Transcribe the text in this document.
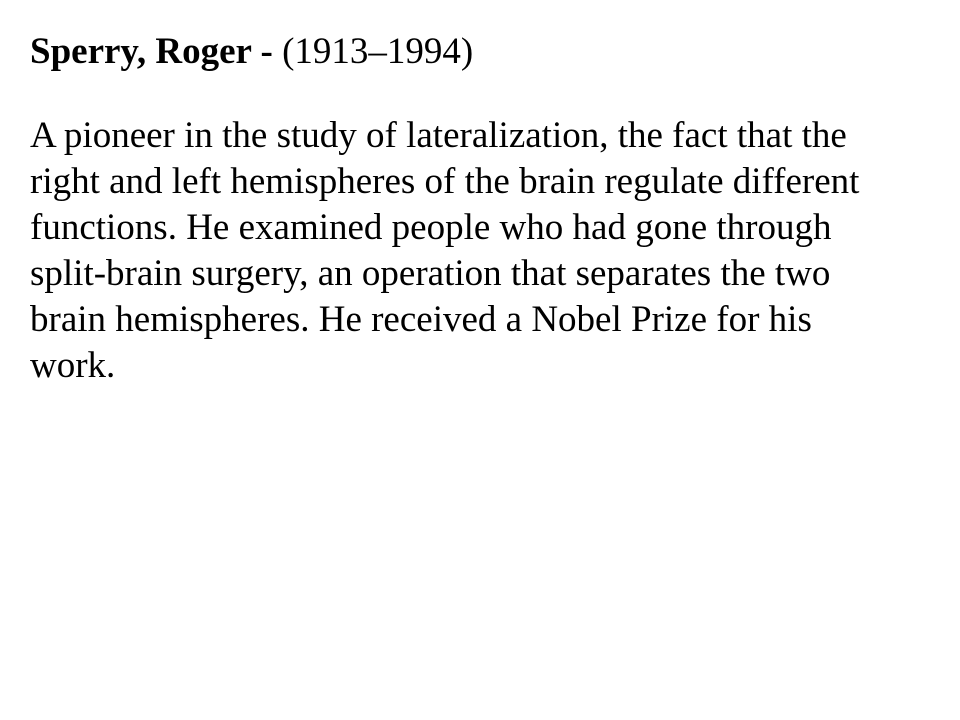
Sperry, Roger - (1913–1994)

A pioneer in the study of lateralization, the fact that the right and left hemispheres of the brain regulate different functions. He examined people who had gone through split-brain surgery, an operation that separates the two brain hemispheres. He received a Nobel Prize for his work.
